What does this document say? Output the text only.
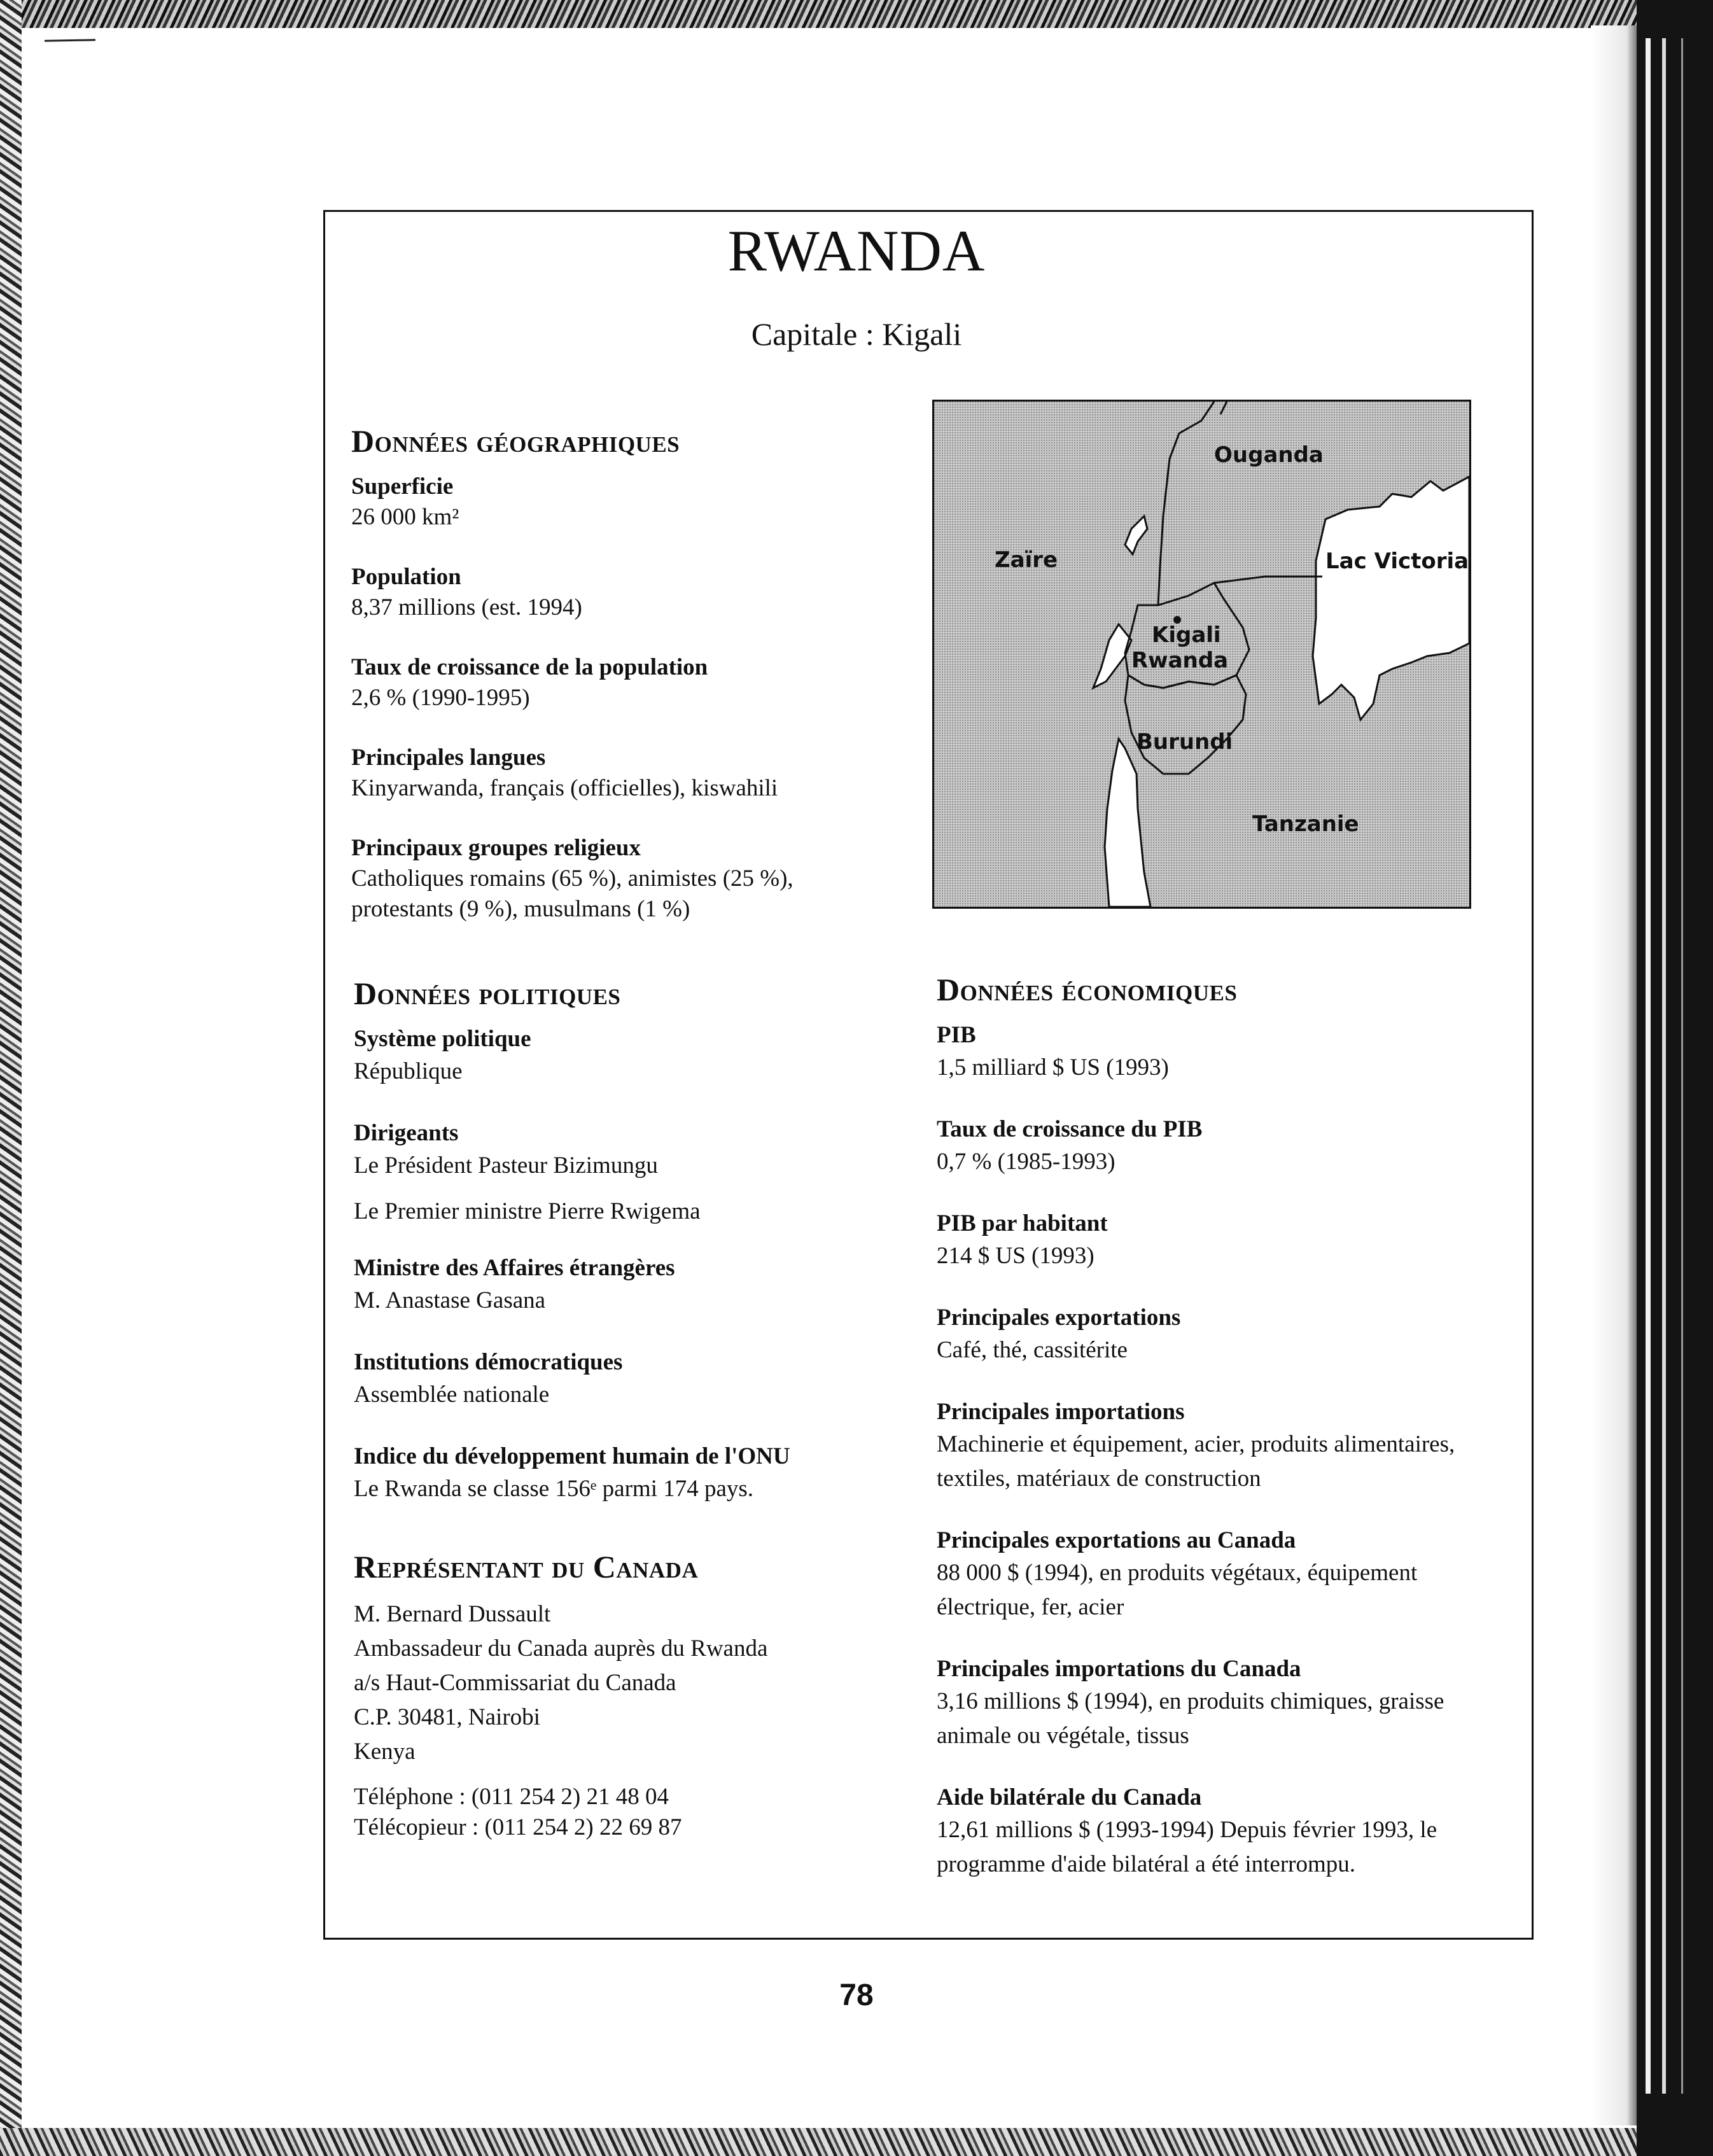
RWANDA
Capitale : Kigali
Données géographiques
Superficie
26 000 km²
Population
8,37 millions (est. 1994)
Taux de croissance de la population
2,6 % (1990-1995)
Principales langues
Kinyarwanda, français (officielles), kiswahili
Principaux groupes religieux
Catholiques romains (65 %), animistes (25 %),
protestants (9 %), musulmans (1 %)
Ouganda
Zaïre	Lac Victoria
Kigali
Rwanda
Burundi
Tanzanie
Données politiques
Système politique
République
Dirigeants
Le Président Pasteur Bizimungu
Le Premier ministre Pierre Rwigema
Ministre des Affaires étrangères
M. Anastase Gasana
Institutions démocratiques
Assemblée nationale
Indice du développement humain de l'ONU
Le Rwanda se classe 156ᵉ parmi 174 pays.
Représentant du Canada
M. Bernard Dussault
Ambassadeur du Canada auprès du Rwanda
a/s Haut-Commissariat du Canada
C.P. 30481, Nairobi
Kenya
Téléphone : (011 254 2) 21 48 04
Télécopieur : (011 254 2) 22 69 87
Données économiques
PIB
1,5 milliard $ US (1993)
Taux de croissance du PIB
0,7 % (1985-1993)
PIB par habitant
214 $ US (1993)
Principales exportations
Café, thé, cassitérite
Principales importations
Machinerie et équipement, acier, produits alimentaires,
textiles, matériaux de construction
Principales exportations au Canada
88 000 $ (1994), en produits végétaux, équipement
électrique, fer, acier
Principales importations du Canada
3,16 millions $ (1994), en produits chimiques, graisse
animale ou végétale, tissus
Aide bilatérale du Canada
12,61 millions $ (1993-1994) Depuis février 1993, le
programme d'aide bilatéral a été interrompu.
78
